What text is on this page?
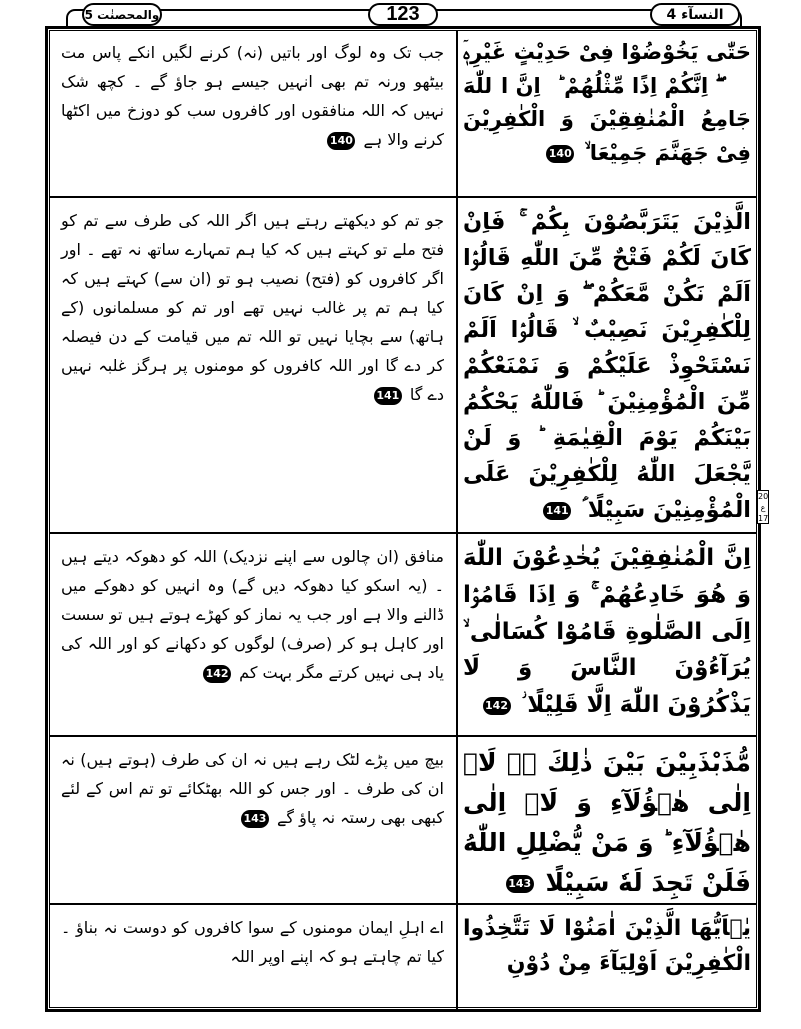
والمحصنٰت 5	123	النسآء 4
20 ع 17
حَتّٰی یَخُوْضُوْا فِیْ حَدِیْثٍ غَیْرِهٖۤ ۖؗ اِنَّكُمْ اِذًا مِّثْلُهُمْ ؕ اِنَّ اللّٰهَ جَامِعُ الْمُنٰفِقِیْنَ وَ الْكٰفِرِیْنَ فِیْ جَهَنَّمَ جَمِیْعَا ۙ 140
جب تک وہ لوگ اور باتیں (نہ) کرنے لگیں انکے پاس مت بیٹھو ورنہ تم بھی انہیں جیسے ہو جاؤ گے ۔ کچھ شک نہیں کہ اللہ منافقوں اور کافروں سب کو دوزخ میں اکٹھا کرنے والا ہے 140
الَّذِیْنَ یَتَرَبَّصُوْنَ بِكُمْ ۚ فَاِنْ كَانَ لَكُمْ فَتْحٌ مِّنَ اللّٰهِ قَالُوْۤا اَلَمْ نَكُنْ مَّعَكُمْ ۖؗ وَ اِنْ كَانَ لِلْكٰفِرِیْنَ نَصِیْبٌ ۙ قَالُوْۤا اَلَمْ نَسْتَحْوِذْ عَلَیْكُمْ وَ نَمْنَعْكُمْ مِّنَ الْمُؤْمِنِیْنَ ؕ فَاللّٰهُ یَحْكُمُ بَیْنَكُمْ یَوْمَ الْقِیٰمَةِ ؕ وَ لَنْ یَّجْعَلَ اللّٰهُ لِلْكٰفِرِیْنَ عَلَی الْمُؤْمِنِیْنَ سَبِیْلًا ؑ 141
جو تم کو دیکھتے رہتے ہیں اگر اللہ کی طرف سے تم کو فتح ملے تو کہتے ہیں کہ کیا ہم تمہارے ساتھ نہ تھے ۔ اور اگر کافروں کو (فتح) نصیب ہو تو (ان سے) کہتے ہیں کہ کیا ہم تم پر غالب نہیں تھے اور تم کو مسلمانوں (کے ہاتھ) سے بچایا نہیں تو اللہ تم میں قیامت کے دن فیصلہ کر دے گا اور اللہ کافروں کو مومنوں پر ہرگز غلبہ نہیں دے گا 141
اِنَّ الْمُنٰفِقِیْنَ یُخٰدِعُوْنَ اللّٰهَ وَ هُوَ خَادِعُهُمْ ۚ وَ اِذَا قَامُوْۤا اِلَی الصَّلٰوةِ قَامُوْا كُسَالٰی ۙ یُرَآءُوْنَ النَّاسَ وَ لَا یَذْكُرُوْنَ اللّٰهَ اِلَّا قَلِیْلًا ؗ 142
منافق (ان چالوں سے اپنے نزدیک) اللہ کو دھوکہ دیتے ہیں ۔ (یہ اسکو کیا دھوکہ دیں گے) وہ انہیں کو دھوکے میں ڈالنے والا ہے اور جب یہ نماز کو کھڑے ہوتے ہیں تو سست اور کاہل ہو کر (صرف) لوگوں کو دکھانے کو اور اللہ کی یاد ہی نہیں کرتے مگر بہت کم 142
مُّذَبْذَبِیْنَ بَیْنَ ذٰلِكَ ۖۗ لَاۤ اِلٰی هٰۤؤُلَآءِ وَ لَاۤ اِلٰی هٰۤؤُلَآءِ ؕ وَ مَنْ یُّضْلِلِ اللّٰهُ فَلَنْ تَجِدَ لَهٗ سَبِیْلًا 143
بیچ میں پڑے لٹک رہے ہیں نہ ان کی طرف (ہوتے ہیں) نہ ان کی طرف ۔ اور جس کو اللہ بھٹکائے تو تم اس کے لئے کبھی بھی رستہ نہ پاؤ گے 143
یٰۤاَیُّهَا الَّذِیْنَ اٰمَنُوْا لَا تَتَّخِذُوا الْكٰفِرِیْنَ اَوْلِیَآءَ مِنْ دُوْنِ
اے اہلِ ایمان مومنوں کے سوا کافروں کو دوست نہ بناؤ ۔ کیا تم چاہتے ہو کہ اپنے اوپر اللہ
